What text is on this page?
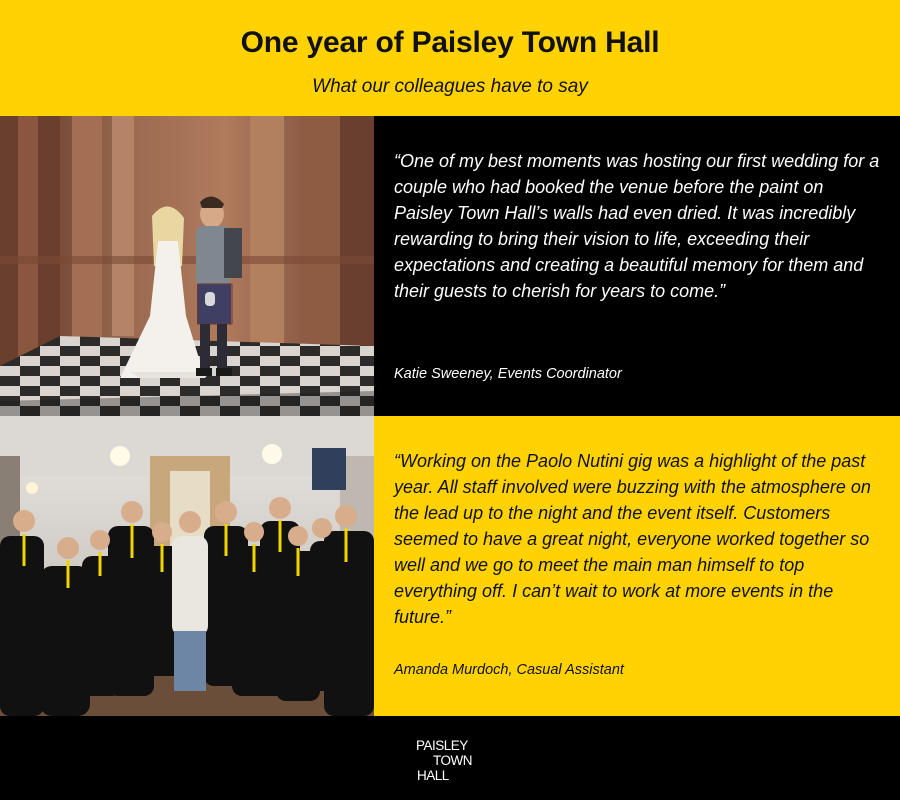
One year of Paisley Town Hall
What our colleagues have to say
“One of my best moments was hosting our first wedding for a couple who had booked the venue before the paint on Paisley Town Hall’s walls had even dried. It was incredibly rewarding to bring their vision to life, exceeding their expectations and creating a beautiful memory for them and their guests to cherish for years to come.”
Katie Sweeney, Events Coordinator
“Working on the Paolo Nutini gig was a highlight of the past year. All staff involved were buzzing with the atmosphere on the lead up to the night and the event itself. Customers seemed to have a great night, everyone worked together so well and we go to meet the main man himself to top everything off. I can’t wait to work at more events in the future.”
Amanda Murdoch, Casual Assistant
PAISLEY
TOWN
HALL
